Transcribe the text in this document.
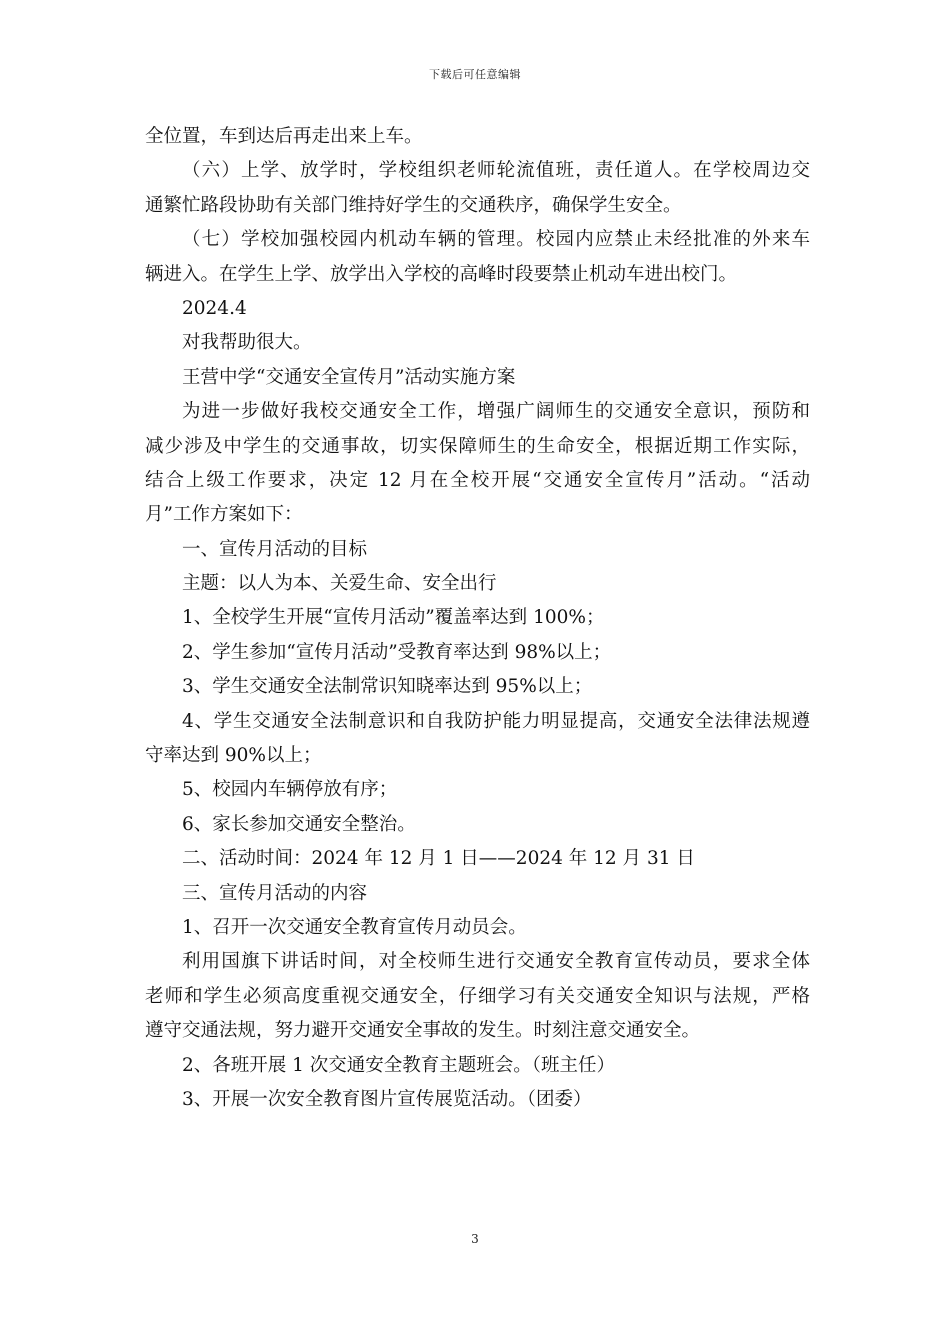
下载后可任意编辑
全位置，车到达后再走出来上车。
（六）上学、放学时，学校组织老师轮流值班，责任道人。在学校周边交
通繁忙路段协助有关部门维持好学生的交通秩序，确保学生安全。
（七）学校加强校园内机动车辆的管理。校园内应禁止未经批准的外来车
辆进入。在学生上学、放学出入学校的高峰时段要禁止机动车进出校门。
2024.4
对我帮助很大。
王营中学“交通安全宣传月”活动实施方案
为进一步做好我校交通安全工作，增强广阔师生的交通安全意识，预防和
减少涉及中学生的交通事故，切实保障师生的生命安全，根据近期工作实际，
结合上级工作要求，决定 12 月在全校开展“交通安全宣传月”活动。“活动
月”工作方案如下：
一、宣传月活动的目标
主题：以人为本、关爱生命、安全出行
1、全校学生开展“宣传月活动”覆盖率达到 100%；
2、学生参加“宣传月活动”受教育率达到 98%以上；
3、学生交通安全法制常识知晓率达到 95%以上；
4、学生交通安全法制意识和自我防护能力明显提高，交通安全法律法规遵
守率达到 90%以上；
5、校园内车辆停放有序；
6、家长参加交通安全整治。
二、活动时间：2024 年 12 月 1 日——2024 年 12 月 31 日
三、宣传月活动的内容
1、召开一次交通安全教育宣传月动员会。
利用国旗下讲话时间，对全校师生进行交通安全教育宣传动员，要求全体
老师和学生必须高度重视交通安全，仔细学习有关交通安全知识与法规，严格
遵守交通法规，努力避开交通安全事故的发生。时刻注意交通安全。
2、各班开展 1 次交通安全教育主题班会。（班主任）
3、开展一次安全教育图片宣传展览活动。（团委）
3
